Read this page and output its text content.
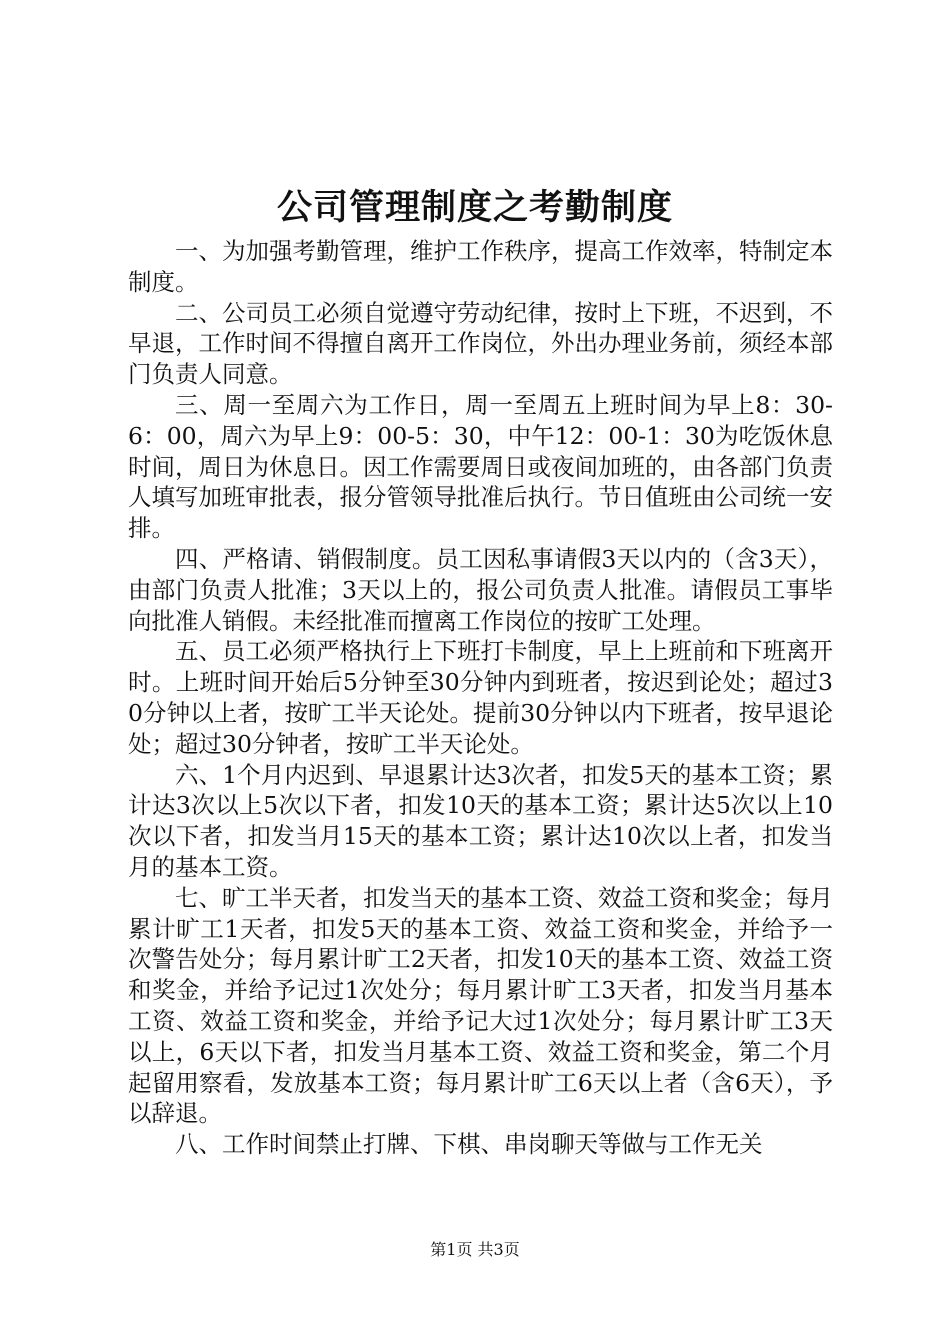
公司管理制度之考勤制度

一、为加强考勤管理，维护工作秩序，提高工作效率，特制定本制度。

二、公司员工必须自觉遵守劳动纪律，按时上下班，不迟到，不早退，工作时间不得擅自离开工作岗位，外出办理业务前，须经本部门负责人同意。

三、周一至周六为工作日，周一至周五上班时间为早上8：30-6：00，周六为早上9：00-5：30，中午12：00-1：30为吃饭休息时间，周日为休息日。因工作需要周日或夜间加班的，由各部门负责人填写加班审批表，报分管领导批准后执行。节日值班由公司统一安排。

四、严格请、销假制度。员工因私事请假3天以内的（含3天），由部门负责人批准；3天以上的，报公司负责人批准。请假员工事毕向批准人销假。未经批准而擅离工作岗位的按旷工处理。

五、员工必须严格执行上下班打卡制度，早上上班前和下班离开时。上班时间开始后5分钟至30分钟内到班者，按迟到论处；超过30分钟以上者，按旷工半天论处。提前30分钟以内下班者，按早退论处；超过30分钟者，按旷工半天论处。

六、1个月内迟到、早退累计达3次者，扣发5天的基本工资；累计达3次以上5次以下者，扣发10天的基本工资；累计达5次以上10次以下者，扣发当月15天的基本工资；累计达10次以上者，扣发当月的基本工资。

七、旷工半天者，扣发当天的基本工资、效益工资和奖金；每月累计旷工1天者，扣发5天的基本工资、效益工资和奖金，并给予一次警告处分；每月累计旷工2天者，扣发10天的基本工资、效益工资和奖金，并给予记过1次处分；每月累计旷工3天者，扣发当月基本工资、效益工资和奖金，并给予记大过1次处分；每月累计旷工3天以上，6天以下者，扣发当月基本工资、效益工资和奖金，第二个月起留用察看，发放基本工资；每月累计旷工6天以上者（含6天），予以辞退。

八、工作时间禁止打牌、下棋、串岗聊天等做与工作无关

第1页 共3页
